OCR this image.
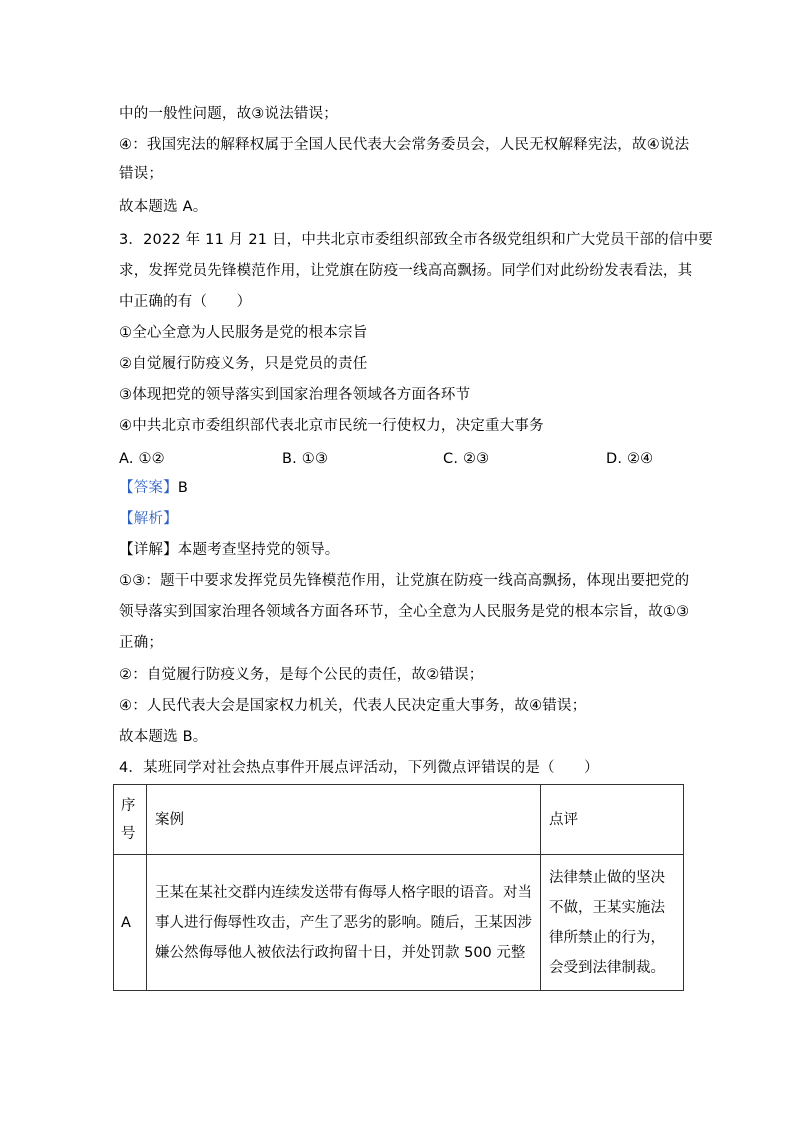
中的一般性问题，故③说法错误；
④：我国宪法的解释权属于全国人民代表大会常务委员会，人民无权解释宪法，故④说法
错误；
故本题选 A。
3．2022 年 11 月 21 日，中共北京市委组织部致全市各级党组织和广大党员干部的信中要
求，发挥党员先锋模范作用，让党旗在防疫一线高高飘扬。同学们对此纷纷发表看法，其
中正确的有（　　）
①全心全意为人民服务是党的根本宗旨
②自觉履行防疫义务，只是党员的责任
③体现把党的领导落实到国家治理各领域各方面各环节
④中共北京市委组织部代表北京市民统一行使权力，决定重大事务
A. ①②	B. ①③	C. ②③	D. ②④
【答案】B
【解析】
【详解】本题考查坚持党的领导。
①③：题干中要求发挥党员先锋模范作用，让党旗在防疫一线高高飘扬，体现出要把党的
领导落实到国家治理各领域各方面各环节，全心全意为人民服务是党的根本宗旨，故①③
正确；
②：自觉履行防疫义务，是每个公民的责任，故②错误；
④：人民代表大会是国家权力机关，代表人民决定重大事务，故④错误；
故本题选 B。
4．某班同学对社会热点事件开展点评活动，下列微点评错误的是（　　）
序号	案例	点评
A	王某在某社交群内连续发送带有侮辱人格字眼的语音。对当事人进行侮辱性攻击，产生了恶劣的影响。随后，王某因涉嫌公然侮辱他人被依法行政拘留十日，并处罚款 500 元整	法律禁止做的坚决不做，王某实施法律所禁止的行为，会受到法律制裁。
